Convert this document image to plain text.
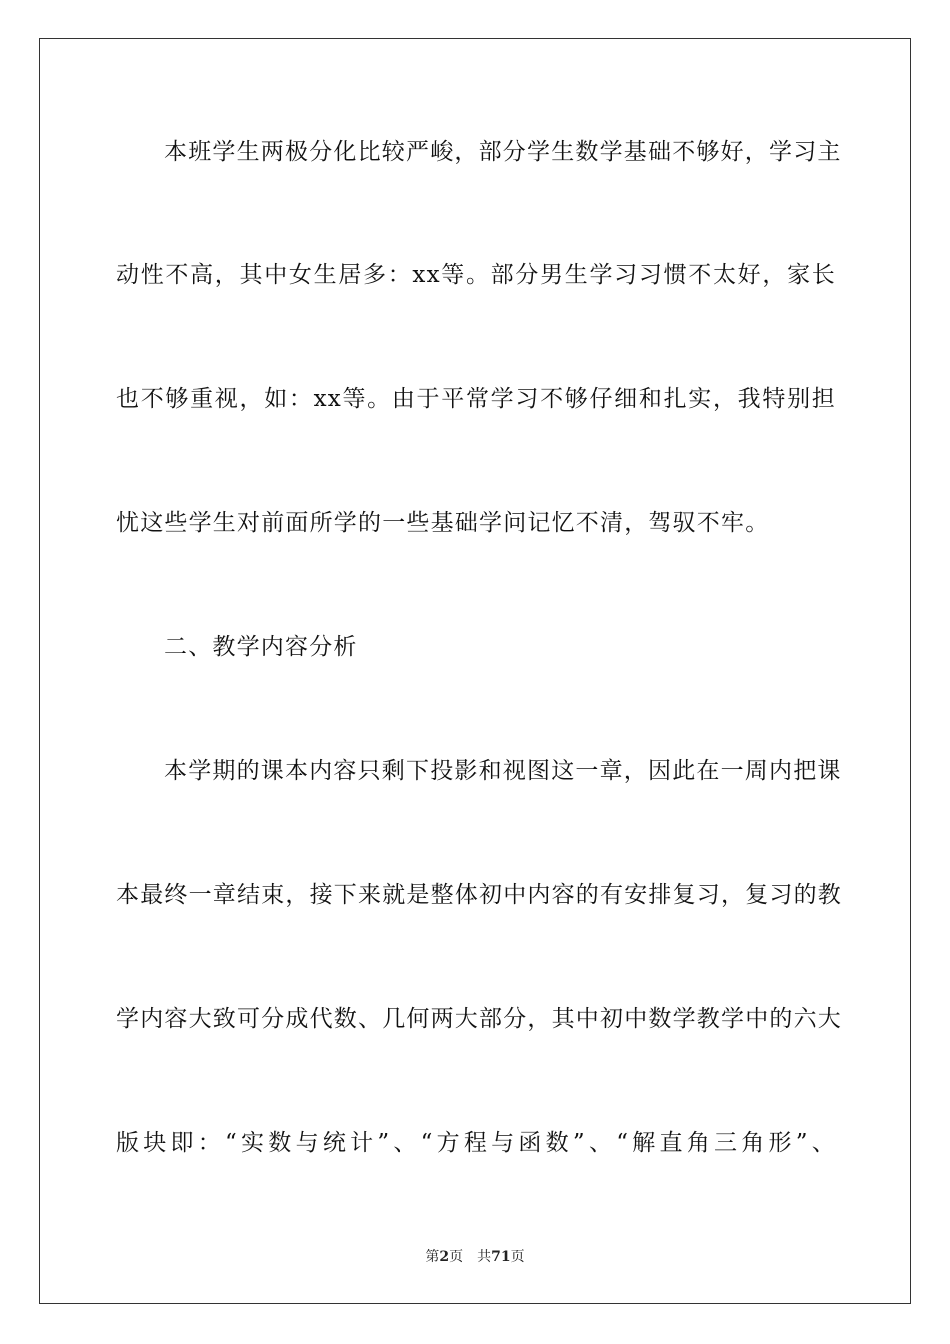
本班学生两极分化比较严峻，部分学生数学基础不够好，学习主
动性不高，其中女生居多：xx等。部分男生学习习惯不太好，家长
也不够重视，如：xx等。由于平常学习不够仔细和扎实，我特别担
忧这些学生对前面所学的一些基础学问记忆不清，驾驭不牢。
二、教学内容分析
本学期的课本内容只剩下投影和视图这一章，因此在一周内把课
本最终一章结束，接下来就是整体初中内容的有安排复习，复习的教
学内容大致可分成代数、几何两大部分，其中初中数学教学中的六大
版块即：“实数与统计”、“方程与函数”、“解直角三角形”、
第2页 共71页
